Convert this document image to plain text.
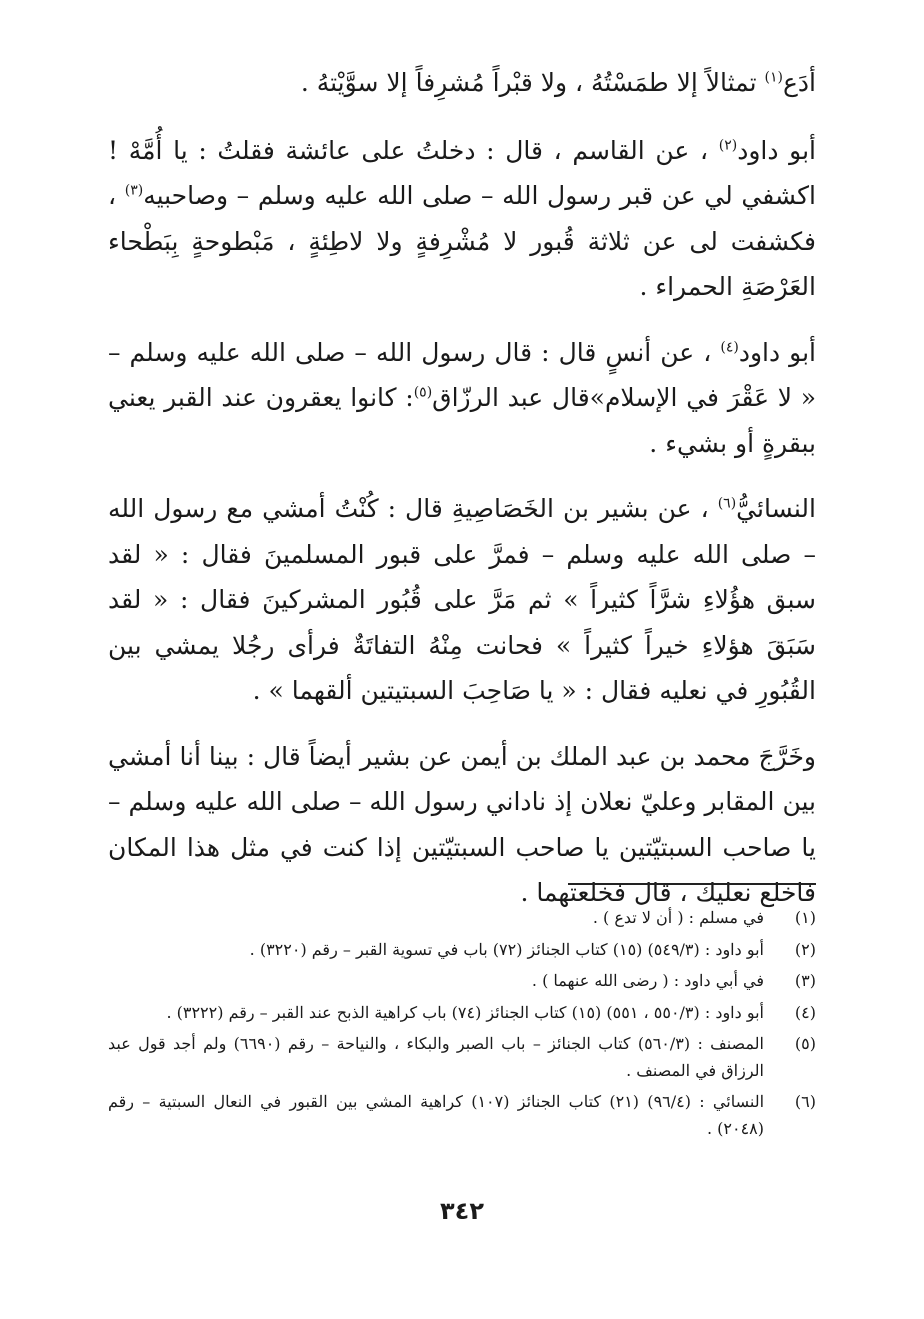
أدَع$^{(١)}$ تمثالاً إلا طمَسْتُهُ ، ولا قبْراً مُشرِفاً إلا سوَّيْتهُ .

أبو داود$^{(٢)}$ ، عن القاسم ، قال : دخلتُ على عائشة فقلتُ : يا أُمَّهْ ! اكشفي لي عن قبر رسول الله – صلى الله عليه وسلم – وصاحبيه$^{(٣)}$ ، فكشفت لى عن ثلاثة قُبور لا مُشْرِفةٍ ولا لاطِئةٍ ، مَبْطوحةٍ بِبَطْحاء العَرْصَةِ الحمراء .

أبو داود$^{(٤)}$ ، عن أنسٍ قال : قال رسول الله – صلى الله عليه وسلم – « لا عَقْرَ في الإسلام»قال عبد الرزّاق$^{(٥)}$: كانوا يعقرون عند القبر يعني ببقرةٍ أو بشيء .

النسائيُّ$^{(٦)}$ ، عن بشير بن الخَصَاصِيةِ قال : كُنْتُ أمشي مع رسول الله – صلى الله عليه وسلم – فمرَّ على قبور المسلمينَ فقال : « لقد سبق هؤُلاءِ شرَّاً كثيراً » ثم مَرَّ على قُبُور المشركينَ فقال : « لقد سَبَقَ هؤلاءِ خيراً كثيراً » فحانت مِنْهُ التفاتَةٌ فرأى رجُلا يمشي بين القُبُورِ في نعليه فقال : « يا صَاحِبَ السبتيتين ألقهما » .

وخَرَّجَ محمد بن عبد الملك بن أيمن عن بشير أيضاً قال : بينا أنا أمشي بين المقابر وعليّ نعلان إذ ناداني رسول الله – صلى الله عليه وسلم – يا صاحب السبتيّتين يا صاحب السبتيّتين إذا كنت في مثل هذا المكان فاخلع نعليك ، قال فخلعتهما .

(١)
في مسلم : ( أن لا تدع ) .
(٢)
أبو داود : (٥٤٩/٣) (١٥) كتاب الجنائز (٧٢) باب في تسوية القبر – رقم (٣٢٢٠) .
(٣)
في أبي داود : ( رضى الله عنهما ) .
(٤)
أبو داود : (٥٥٠/٣ ، ٥٥١) (١٥) كتاب الجنائز (٧٤) باب كراهية الذبح عند القبر – رقم (٣٢٢٢) .
(٥)
المصنف : (٥٦٠/٣) كتاب الجنائز – باب الصبر والبكاء ، والنياحة – رقم (٦٦٩٠) ولم أجد قول عبد الرزاق في المصنف .
(٦)
النسائي : (٩٦/٤) (٢١) كتاب الجنائز (١٠٧) كراهية المشي بين القبور في النعال السبتية – رقم (٢٠٤٨) .
٣٤٢
